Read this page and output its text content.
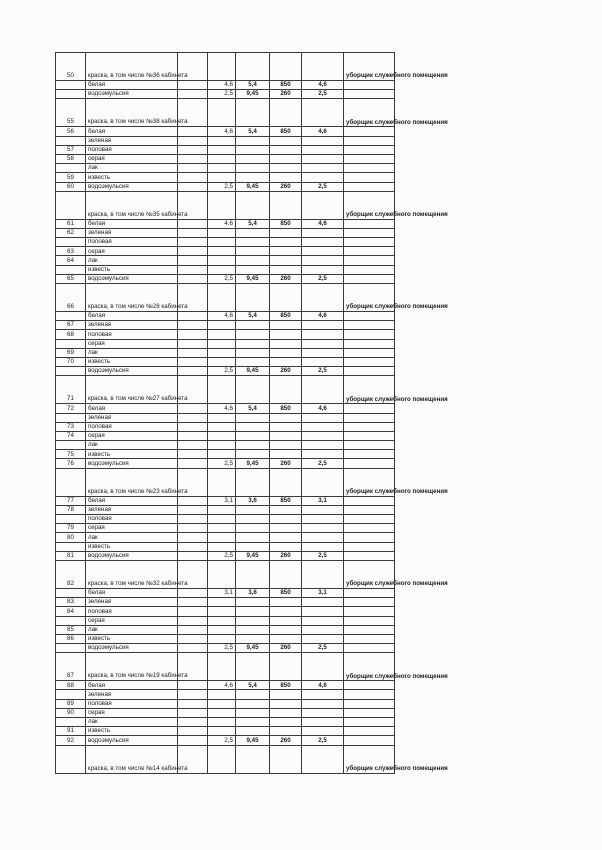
50	краска, в том числе №36 кабинета						уборщик служебного помещения
	белая		4,6	5,4	850	4,6	
	водоэмульсия		2,5	9,45	260	2,5	
55	краска, в том числе №38 кабинета						уборщик служебного помещения
56	белая		4,6	5,4	850	4,6	
	зеленая						
57	половая						
58	серая						
	лак						
59	известь						
60	водоэмульсия		2,5	9,45	260	2,5	
	краска, в том числе №35 кабинета						уборщик служебного помещения
61	белая		4,6	5,4	850	4,6	
62	зеленая						
	половая						
63	серая						
64	лак						
	известь						
65	водоэмульсия		2,5	9,45	260	2,5	
66	краска, в том числе №28 кабинета						уборщик служебного помещения
	белая		4,6	5,4	850	4,6	
67	зеленая						
68	половая						
	серая						
69	лак						
70	известь						
	водоэмульсия		2,5	9,45	260	2,5	
71	краска, в том числе №27 кабинета						уборщик служебного помещения
72	белая		4,6	5,4	850	4,6	
	зеленая						
73	половая						
74	серая						
	лак						
75	известь						
76	водоэмульсия		2,5	9,45	260	2,5	
	краска, в том числе №23 кабинета						уборщик служебного помещения
77	белая		3,1	3,6	850	3,1	
78	зеленая						
	половая						
79	серая						
80	лак						
	известь						
81	водоэмульсия		2,5	9,45	260	2,5	
82	краска, в том числе №32 кабинета						уборщик служебного помещения
	белая		3,1	3,6	850	3,1	
83	зеленая						
84	половая						
	серая						
85	лак						
86	известь						
	водоэмульсия		2,5	9,45	260	2,5	
87	краска, в том числе №19 кабинета						уборщик служебного помещения
88	белая		4,6	5,4	850	4,6	
	зеленая						
89	половая						
90	серая						
	лак						
91	известь						
92	водоэмульсия		2,5	9,45	260	2,5	
	краска, в том числе №14 кабинета						уборщик служебного помещения
